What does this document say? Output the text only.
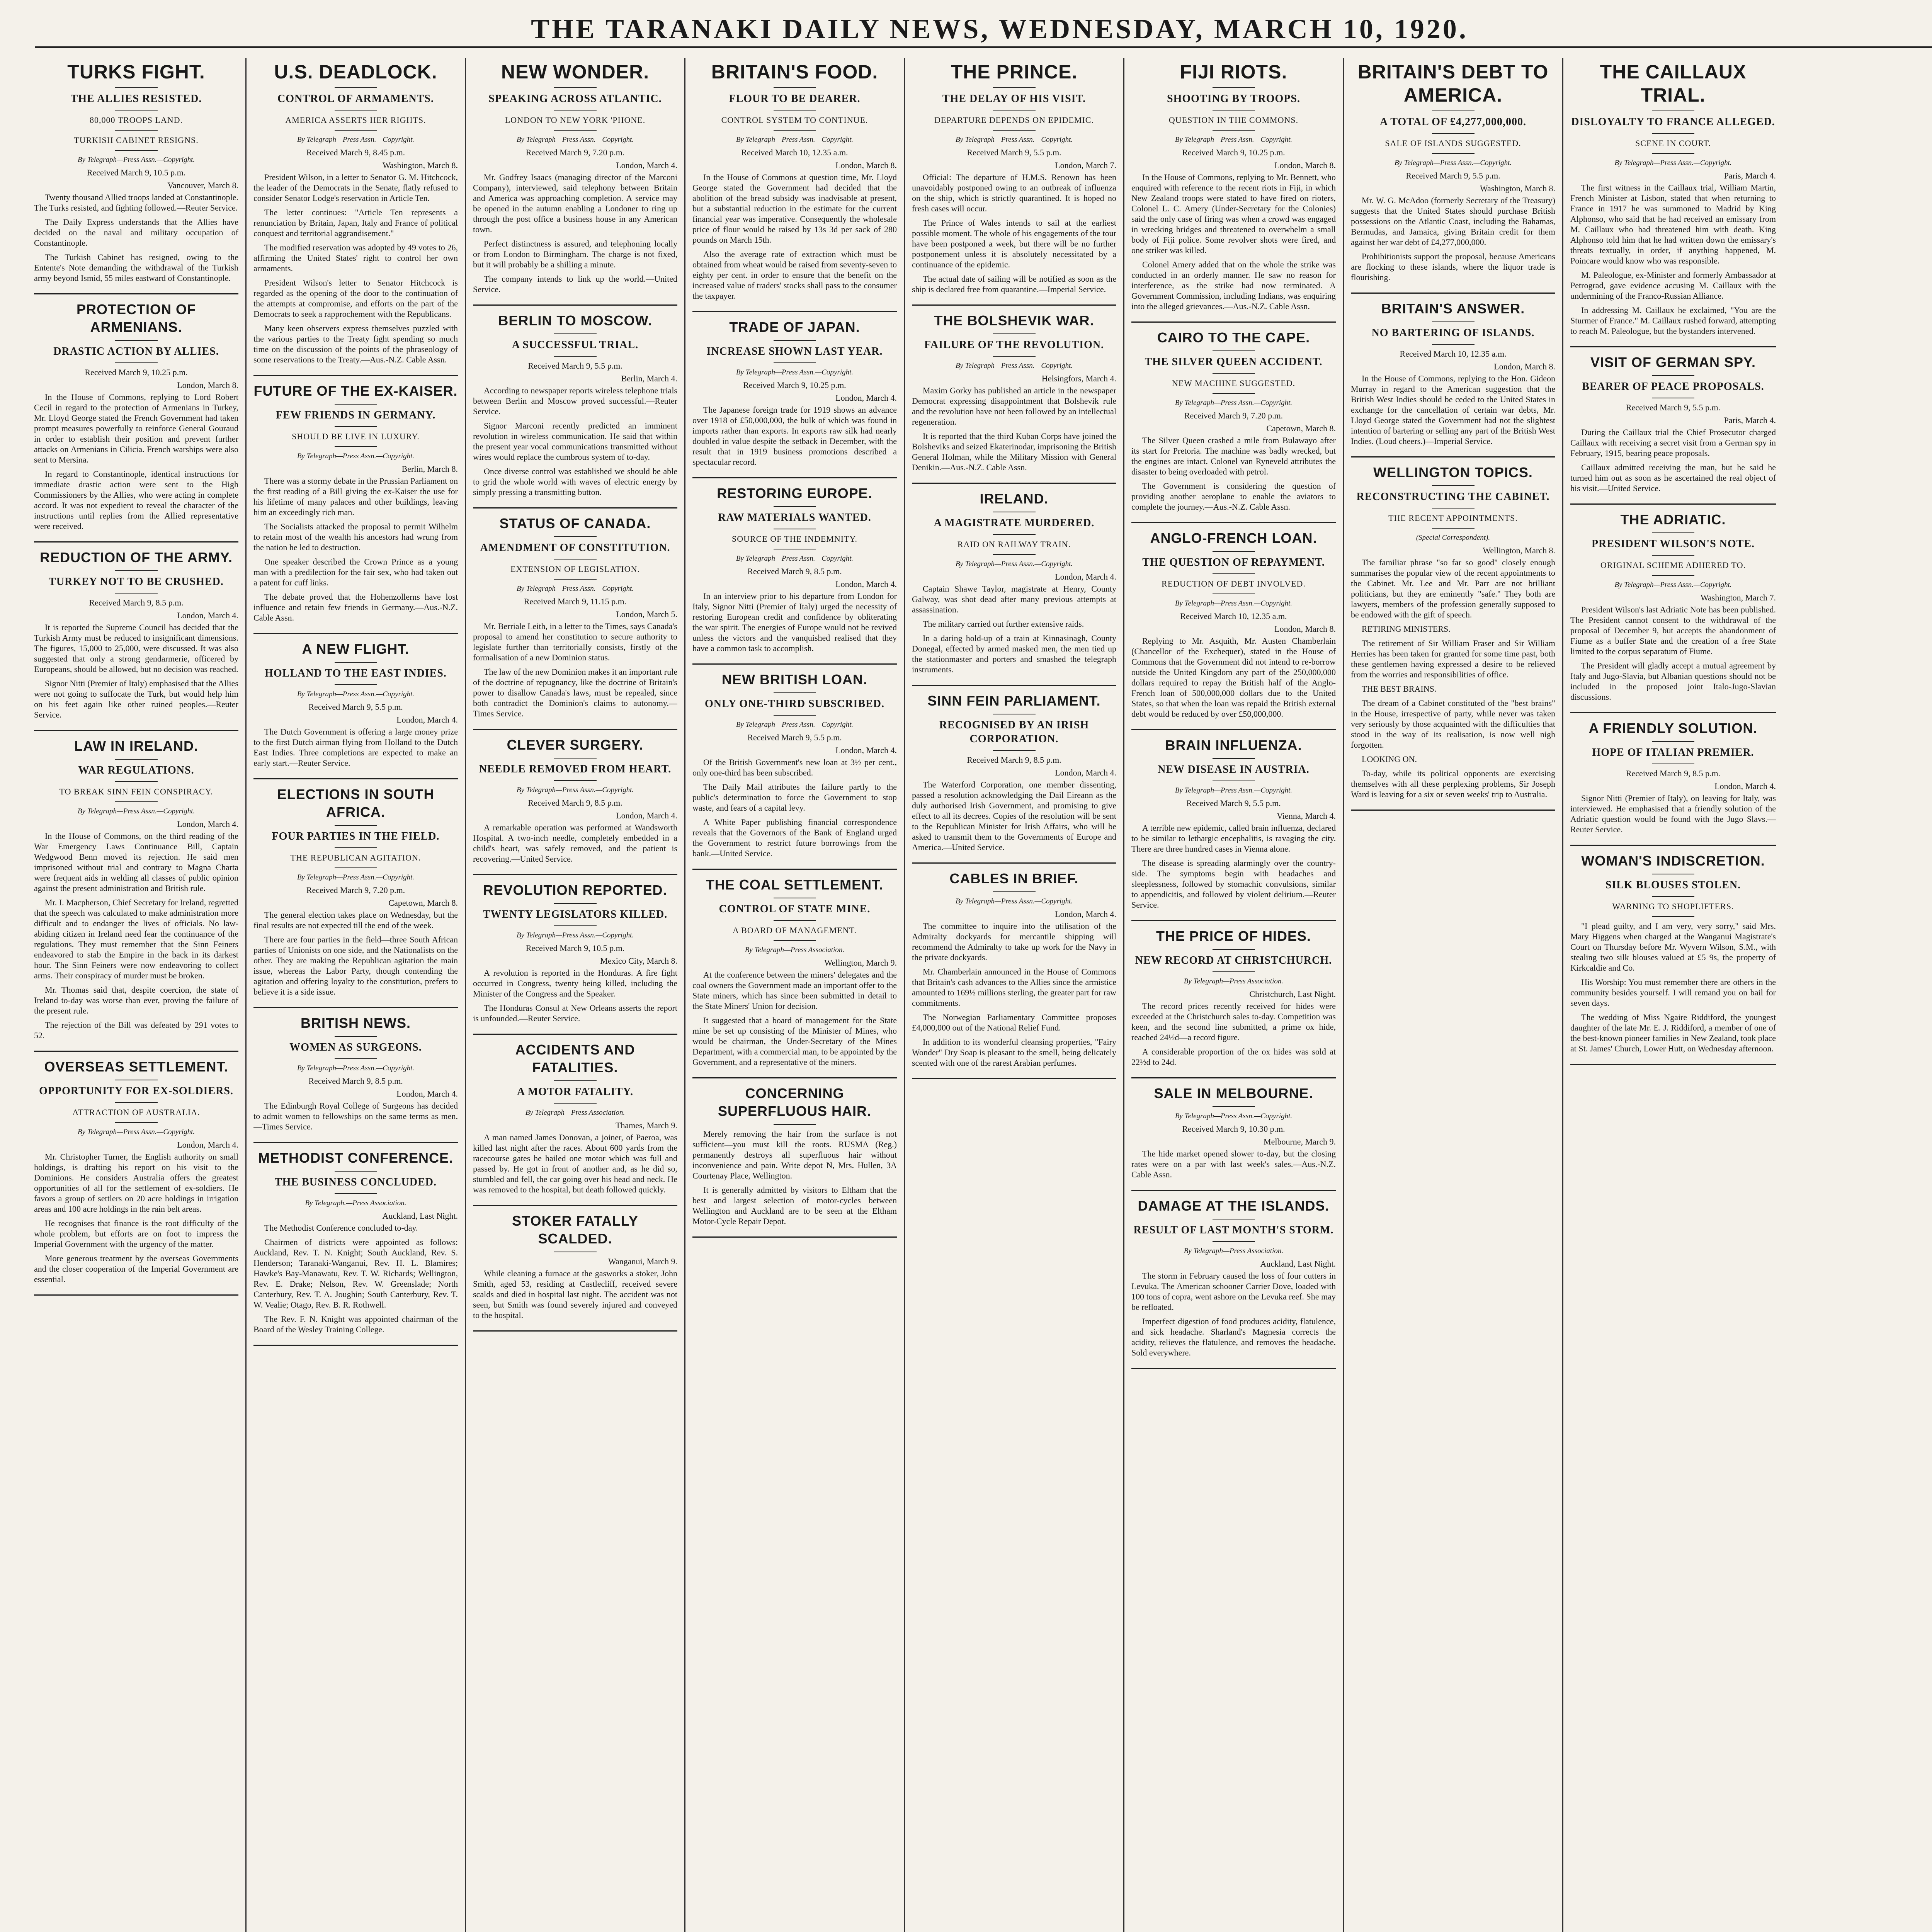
THE TARANAKI DAILY NEWS, WEDNESDAY, MARCH 10, 1920.
TURKS FIGHT.
THE ALLIES RESISTED.
80,000 TROOPS LAND.
TURKISH CABINET RESIGNS.
By Telegraph—Press Assn.—Copyright.
Received March 9, 10.5 p.m.
Vancouver, March 8.

Twenty thousand Allied troops landed at Constantinople. The Turks resisted, and fighting followed.—Reuter Service.

The Daily Express understands that the Allies have decided on the naval and military occupation of Constantinople.

The Turkish Cabinet has resigned, owing to the Entente's Note demanding the withdrawal of the Turkish army beyond Ismid, 55 miles eastward of Constantinople.

PROTECTION OF ARMENIANS.
DRASTIC ACTION BY ALLIES.
Received March 9, 10.25 p.m.
London, March 8.

In the House of Commons, replying to Lord Robert Cecil in regard to the protection of Armenians in Turkey, Mr. Lloyd George stated the French Government had taken prompt measures powerfully to reinforce General Gouraud in order to establish their position and prevent further attacks on Armenians in Cilicia. French warships were also sent to Mersina.

In regard to Constantinople, identical instructions for immediate drastic action were sent to the High Commissioners by the Allies, who were acting in complete accord. It was not expedient to reveal the character of the instructions until replies from the Allied representative were received.

REDUCTION OF THE ARMY.
TURKEY NOT TO BE CRUSHED.
Received March 9, 8.5 p.m.
London, March 4.

It is reported the Supreme Council has decided that the Turkish Army must be reduced to insignificant dimensions. The figures, 15,000 to 25,000, were discussed. It was also suggested that only a strong gendarmerie, officered by Europeans, should be allowed, but no decision was reached.

Signor Nitti (Premier of Italy) emphasised that the Allies were not going to suffocate the Turk, but would help him on his feet again like other ruined peoples.—Reuter Service.

LAW IN IRELAND.
WAR REGULATIONS.
TO BREAK SINN FEIN CONSPIRACY.
By Telegraph—Press Assn.—Copyright.
London, March 4.

In the House of Commons, on the third reading of the War Emergency Laws Continuance Bill, Captain Wedgwood Benn moved its rejection. He said men imprisoned without trial and contrary to Magna Charta were frequent aids in welding all classes of public opinion against the present administration and British rule.

Mr. I. Macpherson, Chief Secretary for Ireland, regretted that the speech was calculated to make administration more difficult and to endanger the lives of officials. No law-abiding citizen in Ireland need fear the continuance of the regulations. They must remember that the Sinn Feiners endeavored to stab the Empire in the back in its darkest hour. The Sinn Feiners were now endeavoring to collect arms. Their conspiracy of murder must be broken.

Mr. Thomas said that, despite coercion, the state of Ireland to-day was worse than ever, proving the failure of the present rule.

The rejection of the Bill was defeated by 291 votes to 52.

OVERSEAS SETTLEMENT.
OPPORTUNITY FOR EX-SOLDIERS.
ATTRACTION OF AUSTRALIA.
By Telegraph—Press Assn.—Copyright.
London, March 4.

Mr. Christopher Turner, the English authority on small holdings, is drafting his report on his visit to the Dominions. He considers Australia offers the greatest opportunities of all for the settlement of ex-soldiers. He favors a group of settlers on 20 acre holdings in irrigation areas and 100 acre holdings in the rain belt areas.

He recognises that finance is the root difficulty of the whole problem, but efforts are on foot to impress the Imperial Government with the urgency of the matter.

More generous treatment by the overseas Governments and the closer cooperation of the Imperial Government are essential.

U.S. DEADLOCK.
CONTROL OF ARMAMENTS.
AMERICA ASSERTS HER RIGHTS.
By Telegraph—Press Assn.—Copyright.
Received March 9, 8.45 p.m.
Washington, March 8.

President Wilson, in a letter to Senator G. M. Hitchcock, the leader of the Democrats in the Senate, flatly refused to consider Senator Lodge's reservation in Article Ten.

The letter continues: "Article Ten represents a renunciation by Britain, Japan, Italy and France of political conquest and territorial aggrandisement."

The modified reservation was adopted by 49 votes to 26, affirming the United States' right to control her own armaments.

President Wilson's letter to Senator Hitchcock is regarded as the opening of the door to the continuation of the attempts at compromise, and efforts on the part of the Democrats to seek a rapprochement with the Republicans.

Many keen observers express themselves puzzled with the various parties to the Treaty fight spending so much time on the discussion of the points of the phraseology of some reservations to the Treaty.—Aus.-N.Z. Cable Assn.

FUTURE OF THE EX-KAISER.
FEW FRIENDS IN GERMANY.
SHOULD BE LIVE IN LUXURY.
By Telegraph—Press Assn.—Copyright.
Berlin, March 8.

There was a stormy debate in the Prussian Parliament on the first reading of a Bill giving the ex-Kaiser the use for his lifetime of many palaces and other buildings, leaving him an exceedingly rich man.

The Socialists attacked the proposal to permit Wilhelm to retain most of the wealth his ancestors had wrung from the nation he led to destruction.

One speaker described the Crown Prince as a young man with a predilection for the fair sex, who had taken out a patent for cuff links.

The debate proved that the Hohenzollerns have lost influence and retain few friends in Germany.—Aus.-N.Z. Cable Assn.

A NEW FLIGHT.
HOLLAND TO THE EAST INDIES.
By Telegraph—Press Assn.—Copyright.
Received March 9, 5.5 p.m.
London, March 4.

The Dutch Government is offering a large money prize to the first Dutch airman flying from Holland to the Dutch East Indies. Three completions are expected to make an early start.—Reuter Service.

ELECTIONS IN SOUTH AFRICA.
FOUR PARTIES IN THE FIELD.
THE REPUBLICAN AGITATION.
By Telegraph—Press Assn.—Copyright.
Received March 9, 7.20 p.m.
Capetown, March 8.

The general election takes place on Wednesday, but the final results are not expected till the end of the week.

There are four parties in the field—three South African parties of Unionists on one side, and the Nationalists on the other. They are making the Republican agitation the main issue, whereas the Labor Party, though contending the agitation and offering loyalty to the constitution, prefers to believe it is a side issue.

BRITISH NEWS.
WOMEN AS SURGEONS.
By Telegraph—Press Assn.—Copyright.
Received March 9, 8.5 p.m.
London, March 4.

The Edinburgh Royal College of Surgeons has decided to admit women to fellowships on the same terms as men.—Times Service.

METHODIST CONFERENCE.
THE BUSINESS CONCLUDED.
By Telegraph.—Press Association.
Auckland, Last Night.

The Methodist Conference concluded to-day.

Chairmen of districts were appointed as follows: Auckland, Rev. T. N. Knight; South Auckland, Rev. S. Henderson; Taranaki-Wanganui, Rev. H. L. Blamires; Hawke's Bay-Manawatu, Rev. T. W. Richards; Wellington, Rev. E. Drake; Nelson, Rev. W. Greenslade; North Canterbury, Rev. T. A. Joughin; South Canterbury, Rev. T. W. Vealie; Otago, Rev. B. R. Rothwell.

The Rev. F. N. Knight was appointed chairman of the Board of the Wesley Training College.

NEW WONDER.
SPEAKING ACROSS ATLANTIC.
LONDON TO NEW YORK 'PHONE.
By Telegraph—Press Assn.—Copyright.
Received March 9, 7.20 p.m.
London, March 4.

Mr. Godfrey Isaacs (managing director of the Marconi Company), interviewed, said telephony between Britain and America was approaching completion. A service may be opened in the autumn enabling a Londoner to ring up through the post office a business house in any American town.

Perfect distinctness is assured, and telephoning locally or from London to Birmingham. The charge is not fixed, but it will probably be a shilling a minute.

The company intends to link up the world.—United Service.

BERLIN TO MOSCOW.
A SUCCESSFUL TRIAL.
Received March 9, 5.5 p.m.
Berlin, March 4.

According to newspaper reports wireless telephone trials between Berlin and Moscow proved successful.—Reuter Service.

Signor Marconi recently predicted an imminent revolution in wireless communication. He said that within the present year vocal communications transmitted without wires would replace the cumbrous system of to-day.

Once diverse control was established we should be able to grid the whole world with waves of electric energy by simply pressing a transmitting button.

STATUS OF CANADA.
AMENDMENT OF CONSTITUTION.
EXTENSION OF LEGISLATION.
By Telegraph—Press Assn.—Copyright.
Received March 9, 11.15 p.m.
London, March 5.

Mr. Berriale Leith, in a letter to the Times, says Canada's proposal to amend her constitution to secure authority to legislate further than territorially consists, firstly of the formalisation of a new Dominion status.

The law of the new Dominion makes it an important rule of the doctrine of repugnancy, like the doctrine of Britain's power to disallow Canada's laws, must be repealed, since both contradict the Dominion's claims to autonomy.—Times Service.

CLEVER SURGERY.
NEEDLE REMOVED FROM HEART.
By Telegraph—Press Assn.—Copyright.
Received March 9, 8.5 p.m.
London, March 4.

A remarkable operation was performed at Wandsworth Hospital. A two-inch needle, completely embedded in a child's heart, was safely removed, and the patient is recovering.—United Service.

REVOLUTION REPORTED.
TWENTY LEGISLATORS KILLED.
By Telegraph—Press Assn.—Copyright.
Received March 9, 10.5 p.m.
Mexico City, March 8.

A revolution is reported in the Honduras. A fire fight occurred in Congress, twenty being killed, including the Minister of the Congress and the Speaker.

The Honduras Consul at New Orleans asserts the report is unfounded.—Reuter Service.

ACCIDENTS AND FATALITIES.
A MOTOR FATALITY.
By Telegraph—Press Association.
Thames, March 9.

A man named James Donovan, a joiner, of Paeroa, was killed last night after the races. About 600 yards from the racecourse gates he hailed one motor which was full and passed by. He got in front of another and, as he did so, stumbled and fell, the car going over his head and neck. He was removed to the hospital, but death followed quickly.

STOKER FATALLY SCALDED.
Wanganui, March 9.

While cleaning a furnace at the gasworks a stoker, John Smith, aged 53, residing at Castlecliff, received severe scalds and died in hospital last night. The accident was not seen, but Smith was found severely injured and conveyed to the hospital.

BRITAIN'S FOOD.
FLOUR TO BE DEARER.
CONTROL SYSTEM TO CONTINUE.
By Telegraph—Press Assn.—Copyright.
Received March 10, 12.35 a.m.
London, March 8.

In the House of Commons at question time, Mr. Lloyd George stated the Government had decided that the abolition of the bread subsidy was inadvisable at present, but a substantial reduction in the estimate for the current financial year was imperative. Consequently the wholesale price of flour would be raised by 13s 3d per sack of 280 pounds on March 15th.

Also the average rate of extraction which must be obtained from wheat would be raised from seventy-seven to eighty per cent. in order to ensure that the benefit on the increased value of traders' stocks shall pass to the consumer the taxpayer.

TRADE OF JAPAN.
INCREASE SHOWN LAST YEAR.
By Telegraph—Press Assn.—Copyright.
Received March 9, 10.25 p.m.
London, March 4.

The Japanese foreign trade for 1919 shows an advance over 1918 of £50,000,000, the bulk of which was found in imports rather than exports. In exports raw silk had nearly doubled in value despite the setback in December, with the result that in 1919 business promotions described a spectacular record.

RESTORING EUROPE.
RAW MATERIALS WANTED.
SOURCE OF THE INDEMNITY.
By Telegraph—Press Assn.—Copyright.
Received March 9, 8.5 p.m.
London, March 4.

In an interview prior to his departure from London for Italy, Signor Nitti (Premier of Italy) urged the necessity of restoring European credit and confidence by obliterating the war spirit. The energies of Europe would not be revived unless the victors and the vanquished realised that they have a common task to accomplish.

NEW BRITISH LOAN.
ONLY ONE-THIRD SUBSCRIBED.
By Telegraph—Press Assn.—Copyright.
Received March 9, 5.5 p.m.
London, March 4.

Of the British Government's new loan at 3½ per cent., only one-third has been subscribed.

The Daily Mail attributes the failure partly to the public's determination to force the Government to stop waste, and fears of a capital levy.

A White Paper publishing financial correspondence reveals that the Governors of the Bank of England urged the Government to restrict future borrowings from the bank.—United Service.

THE COAL SETTLEMENT.
CONTROL OF STATE MINE.
A BOARD OF MANAGEMENT.
By Telegraph—Press Association.
Wellington, March 9.

At the conference between the miners' delegates and the coal owners the Government made an important offer to the State miners, which has since been submitted in detail to the State Miners' Union for decision.

It suggested that a board of management for the State mine be set up consisting of the Minister of Mines, who would be chairman, the Under-Secretary of the Mines Department, with a commercial man, to be appointed by the Government, and a representative of the miners.

CONCERNING SUPERFLUOUS HAIR.

Merely removing the hair from the surface is not sufficient—you must kill the roots. RUSMA (Reg.) permanently destroys all superfluous hair without inconvenience and pain. Write depot N, Mrs. Hullen, 3A Courtenay Place, Wellington.

It is generally admitted by visitors to Eltham that the best and largest selection of motor-cycles between Wellington and Auckland are to be seen at the Eltham Motor-Cycle Repair Depot.

THE PRINCE.
THE DELAY OF HIS VISIT.
DEPARTURE DEPENDS ON EPIDEMIC.
By Telegraph—Press Assn.—Copyright.
Received March 9, 5.5 p.m.
London, March 7.

Official: The departure of H.M.S. Renown has been unavoidably postponed owing to an outbreak of influenza on the ship, which is strictly quarantined. It is hoped no fresh cases will occur.

The Prince of Wales intends to sail at the earliest possible moment. The whole of his engagements of the tour have been postponed a week, but there will be no further postponement unless it is absolutely necessitated by a continuance of the epidemic.

The actual date of sailing will be notified as soon as the ship is declared free from quarantine.—Imperial Service.

THE BOLSHEVIK WAR.
FAILURE OF THE REVOLUTION.
By Telegraph—Press Assn.—Copyright.
Helsingfors, March 4.

Maxim Gorky has published an article in the newspaper Democrat expressing disappointment that Bolshevik rule and the revolution have not been followed by an intellectual regeneration.

It is reported that the third Kuban Corps have joined the Bolsheviks and seized Ekaterinodar, imprisoning the British General Holman, while the Military Mission with General Denikin.—Aus.-N.Z. Cable Assn.

IRELAND.
A MAGISTRATE MURDERED.
RAID ON RAILWAY TRAIN.
By Telegraph—Press Assn.—Copyright.
London, March 4.

Captain Shawe Taylor, magistrate at Henry, County Galway, was shot dead after many previous attempts at assassination.

The military carried out further extensive raids.

In a daring hold-up of a train at Kinnasinagh, County Donegal, effected by armed masked men, the men tied up the stationmaster and porters and smashed the telegraph instruments.

SINN FEIN PARLIAMENT.
RECOGNISED BY AN IRISH CORPORATION.
Received March 9, 8.5 p.m.
London, March 4.

The Waterford Corporation, one member dissenting, passed a resolution acknowledging the Dail Eireann as the duly authorised Irish Government, and promising to give effect to all its decrees. Copies of the resolution will be sent to the Republican Minister for Irish Affairs, who will be asked to transmit them to the Governments of Europe and America.—United Service.

CABLES IN BRIEF.
By Telegraph—Press Assn.—Copyright.
London, March 4.

The committee to inquire into the utilisation of the Admiralty dockyards for mercantile shipping will recommend the Admiralty to take up work for the Navy in the private dockyards.

Mr. Chamberlain announced in the House of Commons that Britain's cash advances to the Allies since the armistice amounted to 169½ millions sterling, the greater part for raw commitments.

The Norwegian Parliamentary Committee proposes £4,000,000 out of the National Relief Fund.

In addition to its wonderful cleansing properties, "Fairy Wonder" Dry Soap is pleasant to the smell, being delicately scented with one of the rarest Arabian perfumes.

FIJI RIOTS.
SHOOTING BY TROOPS.
QUESTION IN THE COMMONS.
By Telegraph—Press Assn.—Copyright.
Received March 9, 10.25 p.m.
London, March 8.

In the House of Commons, replying to Mr. Bennett, who enquired with reference to the recent riots in Fiji, in which New Zealand troops were stated to have fired on rioters, Colonel L. C. Amery (Under-Secretary for the Colonies) said the only case of firing was when a crowd was engaged in wrecking bridges and threatened to overwhelm a small body of Fiji police. Some revolver shots were fired, and one striker was killed.

Colonel Amery added that on the whole the strike was conducted in an orderly manner. He saw no reason for interference, as the strike had now terminated. A Government Commission, including Indians, was enquiring into the alleged grievances.—Aus.-N.Z. Cable Assn.

CAIRO TO THE CAPE.
THE SILVER QUEEN ACCIDENT.
NEW MACHINE SUGGESTED.
By Telegraph—Press Assn.—Copyright.
Received March 9, 7.20 p.m.
Capetown, March 8.

The Silver Queen crashed a mile from Bulawayo after its start for Pretoria. The machine was badly wrecked, but the engines are intact. Colonel van Ryneveld attributes the disaster to being overloaded with petrol.

The Government is considering the question of providing another aeroplane to enable the aviators to complete the journey.—Aus.-N.Z. Cable Assn.

ANGLO-FRENCH LOAN.
THE QUESTION OF REPAYMENT.
REDUCTION OF DEBT INVOLVED.
By Telegraph—Press Assn.—Copyright.
Received March 10, 12.35 a.m.
London, March 8.

Replying to Mr. Asquith, Mr. Austen Chamberlain (Chancellor of the Exchequer), stated in the House of Commons that the Government did not intend to re-borrow outside the United Kingdom any part of the 250,000,000 dollars required to repay the British half of the Anglo-French loan of 500,000,000 dollars due to the United States, so that when the loan was repaid the British external debt would be reduced by over £50,000,000.

BRAIN INFLUENZA.
NEW DISEASE IN AUSTRIA.
By Telegraph—Press Assn.—Copyright.
Received March 9, 5.5 p.m.
Vienna, March 4.

A terrible new epidemic, called brain influenza, declared to be similar to lethargic encephalitis, is ravaging the city. There are three hundred cases in Vienna alone.

The disease is spreading alarmingly over the country-side. The symptoms begin with headaches and sleeplessness, followed by stomachic convulsions, similar to appendicitis, and followed by violent delirium.—Reuter Service.

THE PRICE OF HIDES.
NEW RECORD AT CHRISTCHURCH.
By Telegraph—Press Association.
Christchurch, Last Night.

The record prices recently received for hides were exceeded at the Christchurch sales to-day. Competition was keen, and the second line submitted, a prime ox hide, reached 24½d—a record figure.

A considerable proportion of the ox hides was sold at 22½d to 24d.

SALE IN MELBOURNE.
By Telegraph—Press Assn.—Copyright.
Received March 9, 10.30 p.m.
Melbourne, March 9.

The hide market opened slower to-day, but the closing rates were on a par with last week's sales.—Aus.-N.Z. Cable Assn.

DAMAGE AT THE ISLANDS.
RESULT OF LAST MONTH'S STORM.
By Telegraph—Press Association.
Auckland, Last Night.

The storm in February caused the loss of four cutters in Levuka. The American schooner Carrier Dove, loaded with 100 tons of copra, went ashore on the Levuka reef. She may be refloated.

Imperfect digestion of food produces acidity, flatulence, and sick headache. Sharland's Magnesia corrects the acidity, relieves the flatulence, and removes the headache. Sold everywhere.

BRITAIN'S DEBT TO AMERICA.
A TOTAL OF £4,277,000,000.
SALE OF ISLANDS SUGGESTED.
By Telegraph—Press Assn.—Copyright.
Received March 9, 5.5 p.m.
Washington, March 8.

Mr. W. G. McAdoo (formerly Secretary of the Treasury) suggests that the United States should purchase British possessions on the Atlantic Coast, including the Bahamas, Bermudas, and Jamaica, giving Britain credit for them against her war debt of £4,277,000,000.

Prohibitionists support the proposal, because Americans are flocking to these islands, where the liquor trade is flourishing.

BRITAIN'S ANSWER.
NO BARTERING OF ISLANDS.
Received March 10, 12.35 a.m.
London, March 8.

In the House of Commons, replying to the Hon. Gideon Murray in regard to the American suggestion that the British West Indies should be ceded to the United States in exchange for the cancellation of certain war debts, Mr. Lloyd George stated the Government had not the slightest intention of bartering or selling any part of the British West Indies. (Loud cheers.)—Imperial Service.

WELLINGTON TOPICS.
RECONSTRUCTING THE CABINET.
THE RECENT APPOINTMENTS.
(Special Correspondent).
Wellington, March 8.

The familiar phrase "so far so good" closely enough summarises the popular view of the recent appointments to the Cabinet. Mr. Lee and Mr. Parr are not brilliant politicians, but they are eminently "safe." They both are lawyers, members of the profession generally supposed to be endowed with the gift of speech.

RETIRING MINISTERS.

The retirement of Sir William Fraser and Sir William Herries has been taken for granted for some time past, both these gentlemen having expressed a desire to be relieved from the worries and responsibilities of office.

THE BEST BRAINS.

The dream of a Cabinet constituted of the "best brains" in the House, irrespective of party, while never was taken very seriously by those acquainted with the difficulties that stood in the way of its realisation, is now well nigh forgotten.

LOOKING ON.

To-day, while its political opponents are exercising themselves with all these perplexing problems, Sir Joseph Ward is leaving for a six or seven weeks' trip to Australia.

THE CAILLAUX TRIAL.
DISLOYALTY TO FRANCE ALLEGED.
SCENE IN COURT.
By Telegraph—Press Assn.—Copyright.
Paris, March 4.

The first witness in the Caillaux trial, William Martin, French Minister at Lisbon, stated that when returning to France in 1917 he was summoned to Madrid by King Alphonso, who said that he had received an emissary from M. Caillaux who had threatened him with death. King Alphonso told him that he had written down the emissary's threats textually, in order, if anything happened, M. Poincare would know who was responsible.

M. Paleologue, ex-Minister and formerly Ambassador at Petrograd, gave evidence accusing M. Caillaux with the undermining of the Franco-Russian Alliance.

In addressing M. Caillaux he exclaimed, "You are the Sturmer of France." M. Caillaux rushed forward, attempting to reach M. Paleologue, but the bystanders intervened.

VISIT OF GERMAN SPY.
BEARER OF PEACE PROPOSALS.
Received March 9, 5.5 p.m.
Paris, March 4.

During the Caillaux trial the Chief Prosecutor charged Caillaux with receiving a secret visit from a German spy in February, 1915, bearing peace proposals.

Caillaux admitted receiving the man, but he said he turned him out as soon as he ascertained the real object of his visit.—United Service.

THE ADRIATIC.
PRESIDENT WILSON'S NOTE.
ORIGINAL SCHEME ADHERED TO.
By Telegraph—Press Assn.—Copyright.
Washington, March 7.

President Wilson's last Adriatic Note has been published. The President cannot consent to the withdrawal of the proposal of December 9, but accepts the abandonment of Fiume as a buffer State and the creation of a free State limited to the corpus separatum of Fiume.

The President will gladly accept a mutual agreement by Italy and Jugo-Slavia, but Albanian questions should not be included in the proposed joint Italo-Jugo-Slavian discussions.

A FRIENDLY SOLUTION.
HOPE OF ITALIAN PREMIER.
Received March 9, 8.5 p.m.
London, March 4.

Signor Nitti (Premier of Italy), on leaving for Italy, was interviewed. He emphasised that a friendly solution of the Adriatic question would be found with the Jugo Slavs.—Reuter Service.

WOMAN'S INDISCRETION.
SILK BLOUSES STOLEN.
WARNING TO SHOPLIFTERS.

"I plead guilty, and I am very, very sorry," said Mrs. Mary Higgens when charged at the Wanganui Magistrate's Court on Thursday before Mr. Wyvern Wilson, S.M., with stealing two silk blouses valued at £5 9s, the property of Kirkcaldie and Co.

His Worship: You must remember there are others in the community besides yourself. I will remand you on bail for seven days.

The wedding of Miss Ngaire Riddiford, the youngest daughter of the late Mr. E. J. Riddiford, a member of one of the best-known pioneer families in New Zealand, took place at St. James' Church, Lower Hutt, on Wednesday afternoon.
